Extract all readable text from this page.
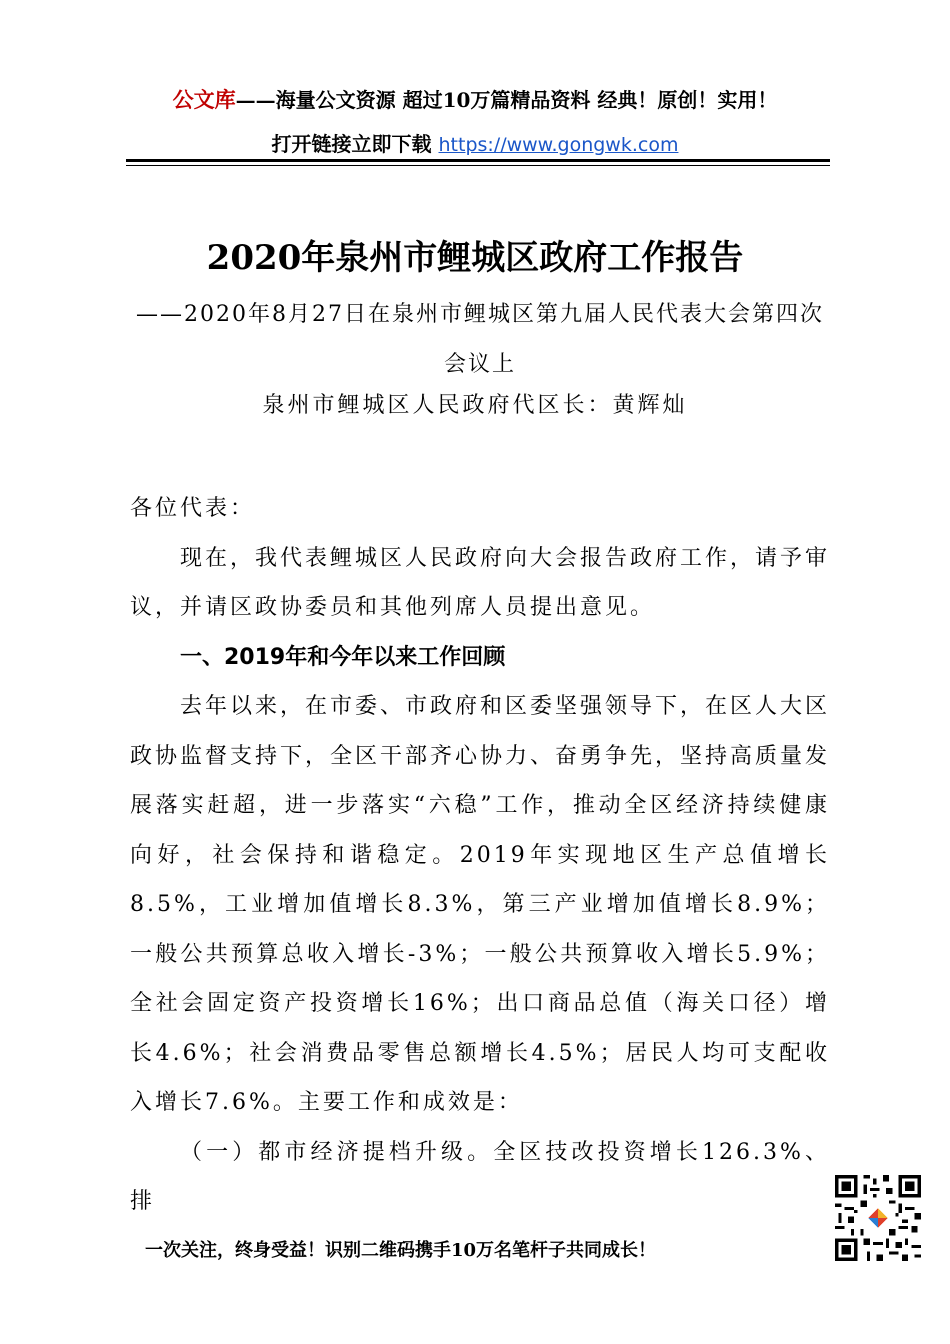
公文库——海量公文资源 超过10万篇精品资料 经典！原创！实用！
打开链接立即下载 https://www.gongwk.com
2020年泉州市鲤城区政府工作报告
——2020年8月27日在泉州市鲤城区第九届人民代表大会第四次会议上
泉州市鲤城区人民政府代区长：黄辉灿

各位代表：

现在，我代表鲤城区人民政府向大会报告政府工作，请予审议，并请区政协委员和其他列席人员提出意见。

一、2019年和今年以来工作回顾

去年以来，在市委、市政府和区委坚强领导下，在区人大区政协监督支持下，全区干部齐心协力、奋勇争先，坚持高质量发展落实赶超，进一步落实“六稳”工作，推动全区经济持续健康向好，社会保持和谐稳定。2019年实现地区生产总值增长8.5%，工业增加值增长8.3%，第三产业增加值增长8.9%；一般公共预算总收入增长-3%；一般公共预算收入增长5.9%；全社会固定资产投资增长16%；出口商品总值（海关口径）增长4.6%；社会消费品零售总额增长4.5%；居民人均可支配收入增长7.6%。主要工作和成效是：

（一）都市经济提档升级。全区技改投资增长126.3%、排

一次关注，终身受益！识别二维码携手10万名笔杆子共同成长！
